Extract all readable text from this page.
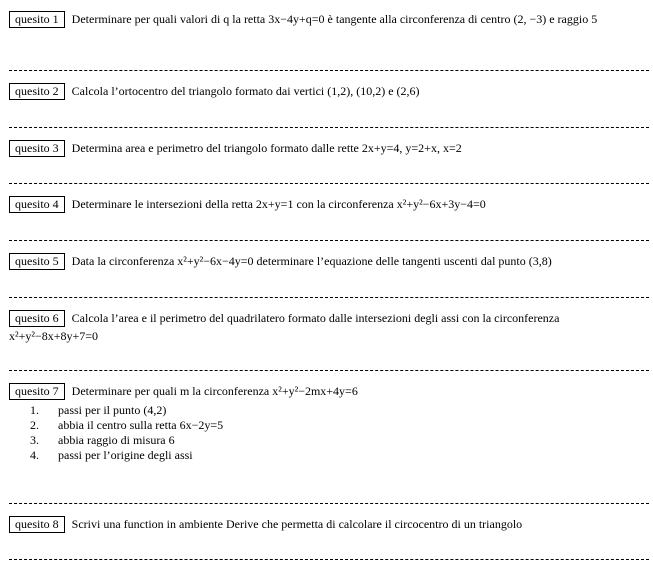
quesito 1 Determinare per quali valori di q la retta 3x−4y+q=0 è tangente alla circonferenza di centro (2, −3) e raggio 5
quesito 2 Calcola l’ortocentro del triangolo formato dai vertici (1,2), (10,2) e (2,6)
quesito 3 Determina area e perimetro del triangolo formato dalle rette 2x+y=4, y=2+x, x=2
quesito 4 Determinare le intersezioni della retta 2x+y=1 con la circonferenza x²+y²−6x+3y−4=0
quesito 5 Data la circonferenza x²+y²−6x−4y=0 determinare l’equazione delle tangenti uscenti dal punto (3,8)
quesito 6 Calcola l’area e il perimetro del quadrilatero formato dalle intersezioni degli assi con la circonferenza x²+y²−8x+8y+7=0
quesito 7 Determinare per quali m la circonferenza x²+y²−2mx+4y=6
1. passi per il punto (4,2)
2. abbia il centro sulla retta 6x−2y=5
3. abbia raggio di misura 6
4. passi per l’origine degli assi
quesito 8 Scrivi una function in ambiente Derive che permetta di calcolare il circocentro di un triangolo
